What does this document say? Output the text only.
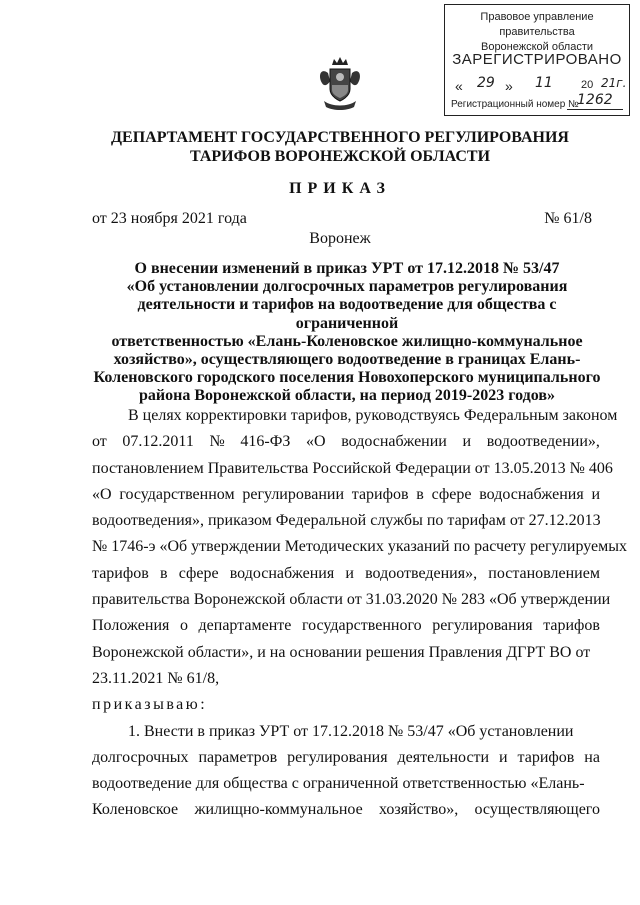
Правовое управление правительства
Воронежской области
ЗАРЕГИСТРИРОВАНО
« 29 » 11	20 21г.
Регистрационный номер №
1262
ДЕПАРТАМЕНТ ГОСУДАРСТВЕННОГО РЕГУЛИРОВАНИЯ
ТАРИФОВ ВОРОНЕЖСКОЙ ОБЛАСТИ
ПРИКАЗ
от 23 ноября 2021 года	№ 61/8
Воронеж
О внесении изменений в приказ УРТ от 17.12.2018 № 53/47
«Об установлении долгосрочных параметров регулирования
деятельности и тарифов на водоотведение для общества с ограниченной
ответственностью «Елань-Коленовское жилищно-коммунальное
хозяйство», осуществляющего водоотведение в границах Елань-
Коленовского городского поселения Новохоперского муниципального
района Воронежской области, на период 2019-2023 годов»
В целях корректировки тарифов, руководствуясь Федеральным законом
от 07.12.2011 № 416-ФЗ «О водоснабжении и водоотведении»,
постановлением Правительства Российской Федерации от 13.05.2013 № 406
«О государственном регулировании тарифов в сфере водоснабжения и
водоотведения», приказом Федеральной службы по тарифам от 27.12.2013
№ 1746-э «Об утверждении Методических указаний по расчету регулируемых
тарифов в сфере водоснабжения и водоотведения», постановлением
правительства Воронежской области от 31.03.2020 № 283 «Об утверждении
Положения о департаменте государственного регулирования тарифов
Воронежской области», и на основании решения Правления ДГРТ ВО от
23.11.2021 № 61/8,
приказываю:
1. Внести в приказ УРТ от 17.12.2018 № 53/47 «Об установлении
долгосрочных параметров регулирования деятельности и тарифов на
водоотведение для общества с ограниченной ответственностью «Елань-
Коленовское жилищно-коммунальное хозяйство», осуществляющего
